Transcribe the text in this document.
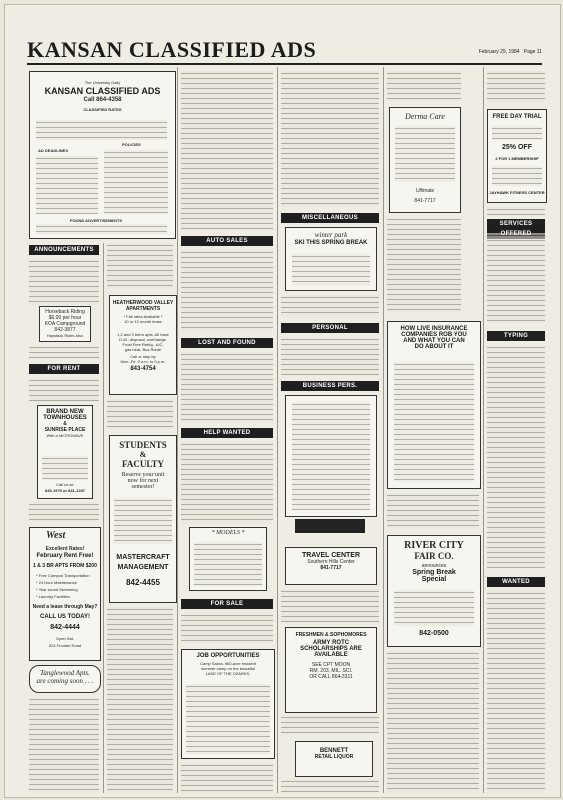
KANSAN CLASSIFIED ADS	February 29, 1984 Page 11
The University Daily
KANSAN CLASSIFIED ADS
Call 864-4358
CLASSIFIED RATES
AD DEADLINES
POLICIES
FOUND ADVERTISEMENTS
ANNOUNCEMENTS
Horseback Riding
$6.00 per hour
KOA Campground
842-3877
Haystack Rides Also
FOR RENT
BRAND NEW
TOWNHOUSES
&
SUNRISE PLACE
With a MICROWAVE
Call us at:
843-1979 or 841-1287
West
Excellent Rates!
February Rent Free!
1 & 3 BR APTS FROM $200
* Free Campus Transportation
* 24 Hour Maintenance
* Year round Swimming
* Laundry Facilities
Need a lease through May?
CALL US TODAY!
842-4444
Open Sat.
524 Frontier Road
Tanglewood Apts.
are coming soon . . .
HEATHERWOOD VALLEY
APARTMENTS
* Fall rates Available *
10 or 12 month lease
1,2 and 3 bdrm apts. All have
D.W., disposal, overhange.
Frost Free Refrig., A/C,
gas heat, Bus Route
Call or stop by
Mon.-Fri. 9 a.m. to 5 p.m.
843-4754
STUDENTS
&
FACULTY
Reserve your unit
now for next
semester!
MASTERCRAFT
MANAGEMENT
842-4455
AUTO SALES
LOST AND FOUND
HELP WANTED
* MODELS *
FOR SALE
JOB OPPORTUNITIES
Camp Sabra, 960-acre resident
summer camp on the beautiful
LAKE OF THE OZARKS,
MISCELLANEOUS
winter park
SKI THIS SPRING BREAK
PERSONAL
BUSINESS PERS.
TRAVEL CENTER
Southern Hills Center
841-7717
FRESHMEN & SOPHOMORES
ARMY ROTC
SCHOLARSHIPS ARE
AVAILABLE
SEE CPT MOON
RM. 203, MIL. SCI.
OR CALL 864-3311
BENNETT
RETAIL LIQUOR
Derma Care
Ultimate
841-7717
HOW LIVE INSURANCE
COMPANIES ROB YOU
AND WHAT YOU CAN
DO ABOUT IT
RIVER CITY
FAIR CO.
announces
Spring Break
Special
842-0500
FREE DAY TRIAL
25% OFF
2 FOR 1 MEMBERSHIP
JAYHAWK FITNESS CENTER
SERVICES
TYPING
WANTED
